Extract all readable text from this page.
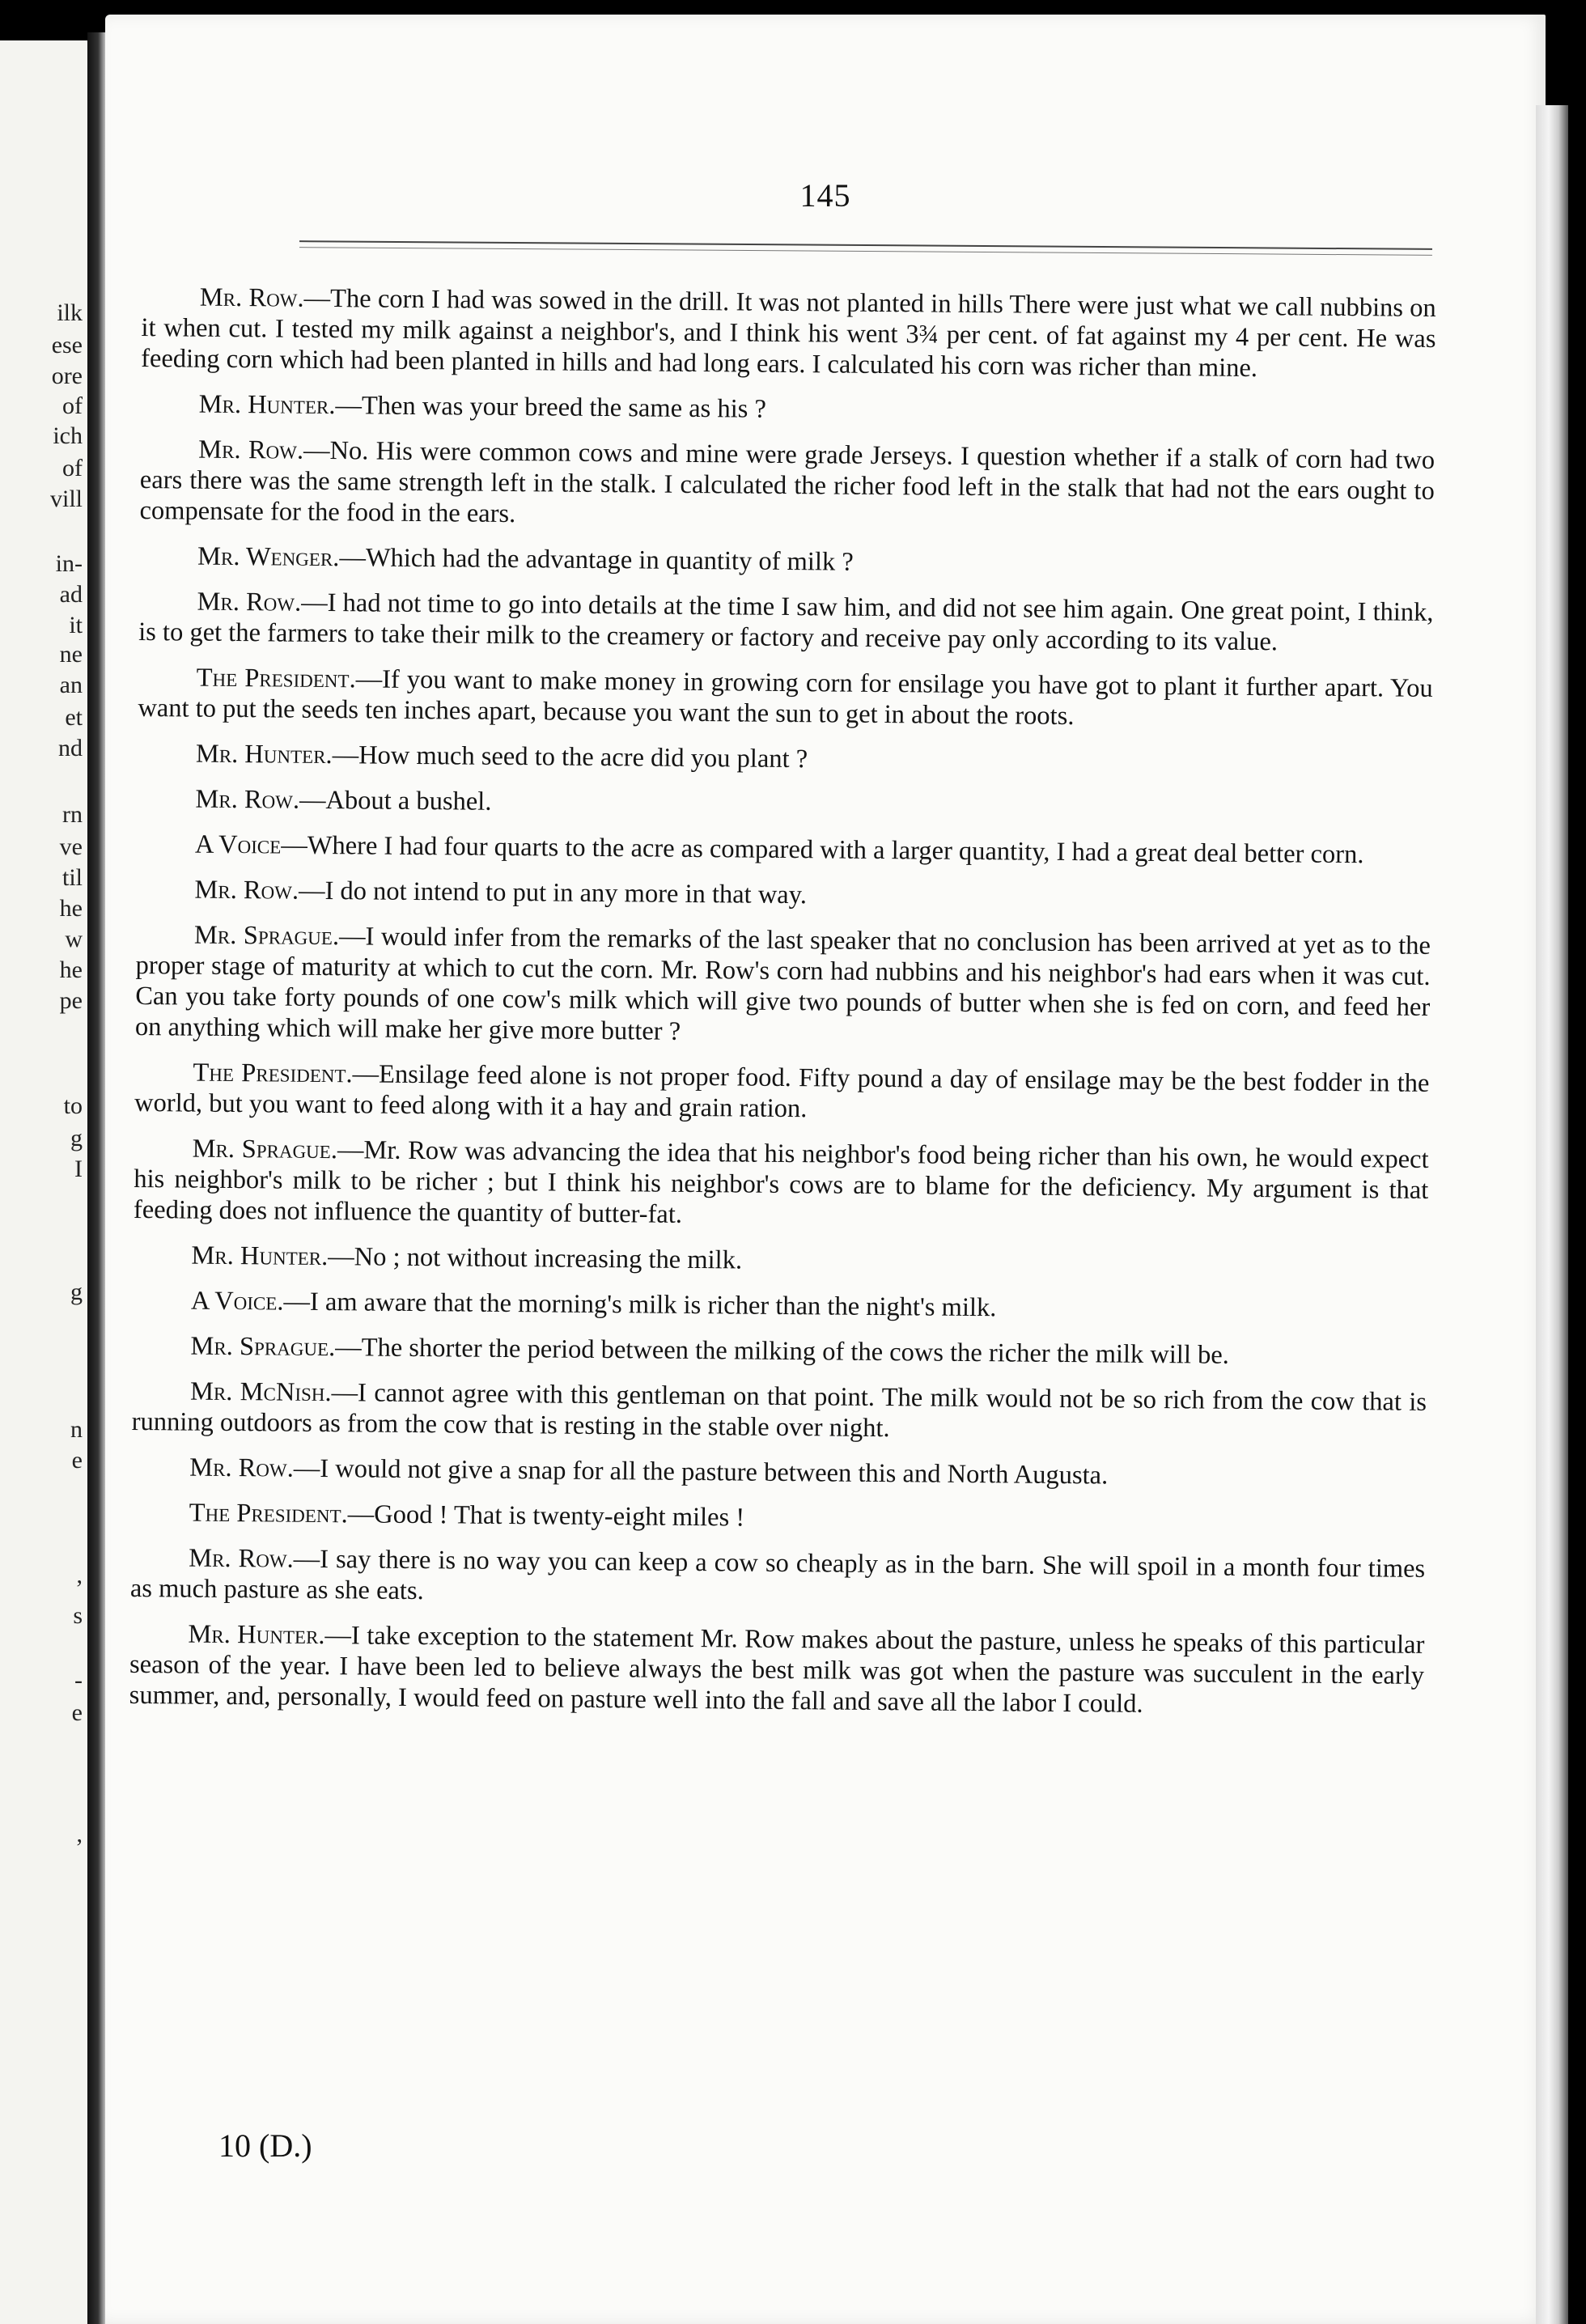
ilk
ese
ore
of
ich
of
vill
in-
ad
it
ne
an
et
nd
rn
ve
til
he
w
he
pe
to
g
I
g
n
e
,
s
-
e
,
145

Mr. Row.—The corn I had was sowed in the drill. It was not planted in hills There were just what we call nubbins on it when cut. I tested my milk against a neighbor's, and I think his went 3¾ per cent. of fat against my 4 per cent. He was feeding corn which had been planted in hills and had long ears. I calculated his corn was richer than mine.

Mr. Hunter.—Then was your breed the same as his ?

Mr. Row.—No. His were common cows and mine were grade Jerseys. I question whether if a stalk of corn had two ears there was the same strength left in the stalk. I calculated the richer food left in the stalk that had not the ears ought to compensate for the food in the ears.

Mr. Wenger.—Which had the advantage in quantity of milk ?

Mr. Row.—I had not time to go into details at the time I saw him, and did not see him again. One great point, I think, is to get the farmers to take their milk to the creamery or factory and receive pay only according to its value.

The President.—If you want to make money in growing corn for ensilage you have got to plant it further apart. You want to put the seeds ten inches apart, because you want the sun to get in about the roots.

Mr. Hunter.—How much seed to the acre did you plant ?

Mr. Row.—About a bushel.

A Voice—Where I had four quarts to the acre as compared with a larger quantity, I had a great deal better corn.

Mr. Row.—I do not intend to put in any more in that way.

Mr. Sprague.—I would infer from the remarks of the last speaker that no conclusion has been arrived at yet as to the proper stage of maturity at which to cut the corn. Mr. Row's corn had nubbins and his neighbor's had ears when it was cut. Can you take forty pounds of one cow's milk which will give two pounds of butter when she is fed on corn, and feed her on anything which will make her give more butter ?

The President.—Ensilage feed alone is not proper food. Fifty pound a day of ensilage may be the best fodder in the world, but you want to feed along with it a hay and grain ration.

Mr. Sprague.—Mr. Row was advancing the idea that his neighbor's food being richer than his own, he would expect his neighbor's milk to be richer ; but I think his neighbor's cows are to blame for the deficiency. My argument is that feeding does not influence the quantity of butter-fat.

Mr. Hunter.—No ; not without increasing the milk.

A Voice.—I am aware that the morning's milk is richer than the night's milk.

Mr. Sprague.—The shorter the period between the milking of the cows the richer the milk will be.

Mr. McNish.—I cannot agree with this gentleman on that point. The milk would not be so rich from the cow that is running outdoors as from the cow that is resting in the stable over night.

Mr. Row.—I would not give a snap for all the pasture between this and North Augusta.

The President.—Good ! That is twenty-eight miles !

Mr. Row.—I say there is no way you can keep a cow so cheaply as in the barn. She will spoil in a month four times as much pasture as she eats.

Mr. Hunter.—I take exception to the statement Mr. Row makes about the pasture, unless he speaks of this particular season of the year. I have been led to believe always the best milk was got when the pasture was succulent in the early summer, and, personally, I would feed on pasture well into the fall and save all the labor I could.

10 (D.)
